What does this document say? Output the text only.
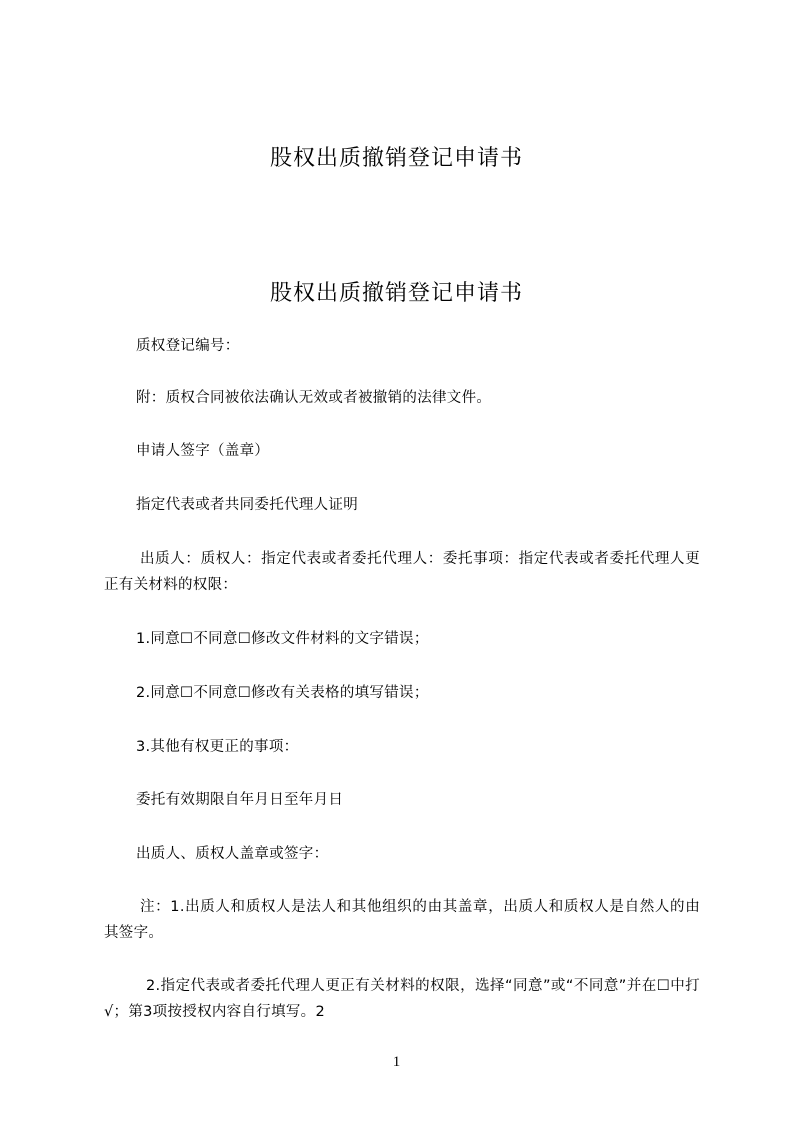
股权出质撤销登记申请书
股权出质撤销登记申请书

质权登记编号：

附：质权合同被依法确认无效或者被撤销的法律文件。

申请人签字（盖章）

指定代表或者共同委托代理人证明

出质人：质权人：指定代表或者委托代理人：委托事项：指定代表或者委托代理人更正有关材料的权限：

1.同意☐不同意☐修改文件材料的文字错误；

2.同意☐不同意☐修改有关表格的填写错误；

3.其他有权更正的事项：

委托有效期限自年月日至年月日

出质人、质权人盖章或签字：

注：1.出质人和质权人是法人和其他组织的由其盖章，出质人和质权人是自然人的由其签字。

2.指定代表或者委托代理人更正有关材料的权限，选择“同意”或“不同意”并在☐中打√；第3项按授权内容自行填写。2

1
